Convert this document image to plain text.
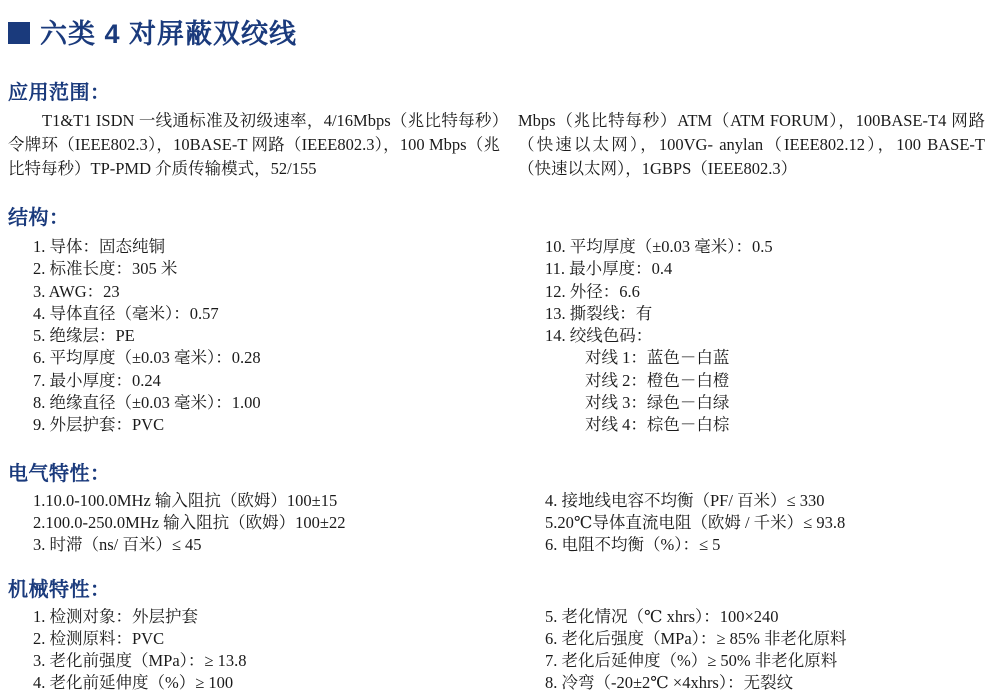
六类 4 对屏蔽双绞线
应用范围：

T1&T1 ISDN 一线通标准及初级速率，4/16Mbps（兆比特每秒）令牌环（IEEE802.3），10BASE-T 网路（IEEE802.3），100 Mbps（兆比特每秒）TP-PMD 介质传输模式，52/155

Mbps（兆比特每秒）ATM（ATM FORUM），100BASE-T4 网路（快速以太网），100VG- anylan（IEEE802.12），100 BASE-T（快速以太网），1GBPS（IEEE802.3）

结构：
1. 导体：固态纯铜
2. 标准长度：305 米
3. AWG：23
4. 导体直径（毫米）：0.57
5. 绝缘层：PE
6. 平均厚度（±0.03 毫米）：0.28
7. 最小厚度：0.24
8. 绝缘直径（±0.03 毫米）：1.00
9. 外层护套：PVC
10. 平均厚度（±0.03 毫米）：0.5
11. 最小厚度：0.4
12. 外径：6.6
13. 撕裂线：有
14. 绞线色码：
对线 1：蓝色－白蓝
对线 2：橙色－白橙
对线 3：绿色－白绿
对线 4：棕色－白棕
电气特性：
1.10.0-100.0MHz 输入阻抗（欧姆）100±15
2.100.0-250.0MHz 输入阻抗（欧姆）100±22
3. 时滞（ns/ 百米）≤ 45
4. 接地线电容不均衡（PF/ 百米）≤ 330
5.20℃导体直流电阻（欧姆 / 千米）≤ 93.8
6. 电阻不均衡（%）：≤ 5
机械特性：
1. 检测对象：外层护套
2. 检测原料：PVC
3. 老化前强度（MPa）：≥ 13.8
4. 老化前延伸度（%）≥ 100
5. 老化情况（℃ xhrs）：100×240
6. 老化后强度（MPa）：≥ 85% 非老化原料
7. 老化后延伸度（%）≥ 50% 非老化原料
8. 冷弯（-20±2℃ ×4xhrs）：无裂纹
